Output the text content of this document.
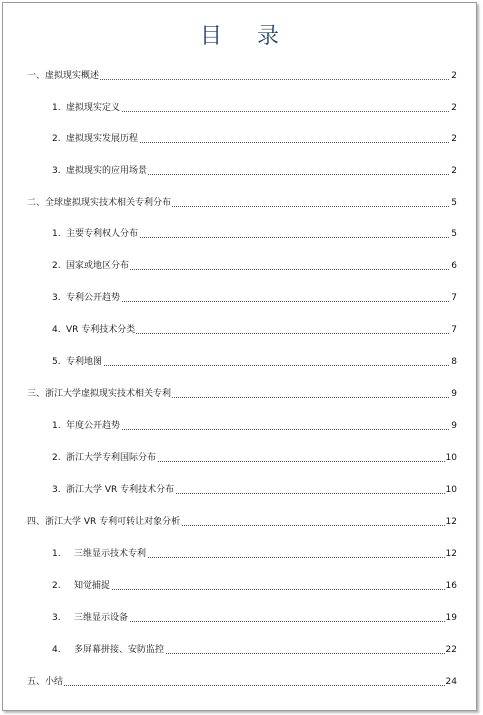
目 录
一、虚拟现实概述	2
1. 虚拟现实定义	2
2. 虚拟现实发展历程	2
3. 虚拟现实的应用场景	2
二、全球虚拟现实技术相关专利分布	5
1. 主要专利权人分布	5
2. 国家或地区分布	6
3. 专利公开趋势	7
4. VR 专利技术分类	7
5. 专利地图	8
三、浙江大学虚拟现实技术相关专利	9
1. 年度公开趋势	9
2. 浙江大学专利国际分布	10
3. 浙江大学 VR 专利技术分布	10
四、浙江大学 VR 专利可转让对象分析	12
1. 三维显示技术专利	12
2. 知觉捕捉	16
3. 三维显示设备	19
4. 多屏幕拼接、安防监控	22
五、小结	24
